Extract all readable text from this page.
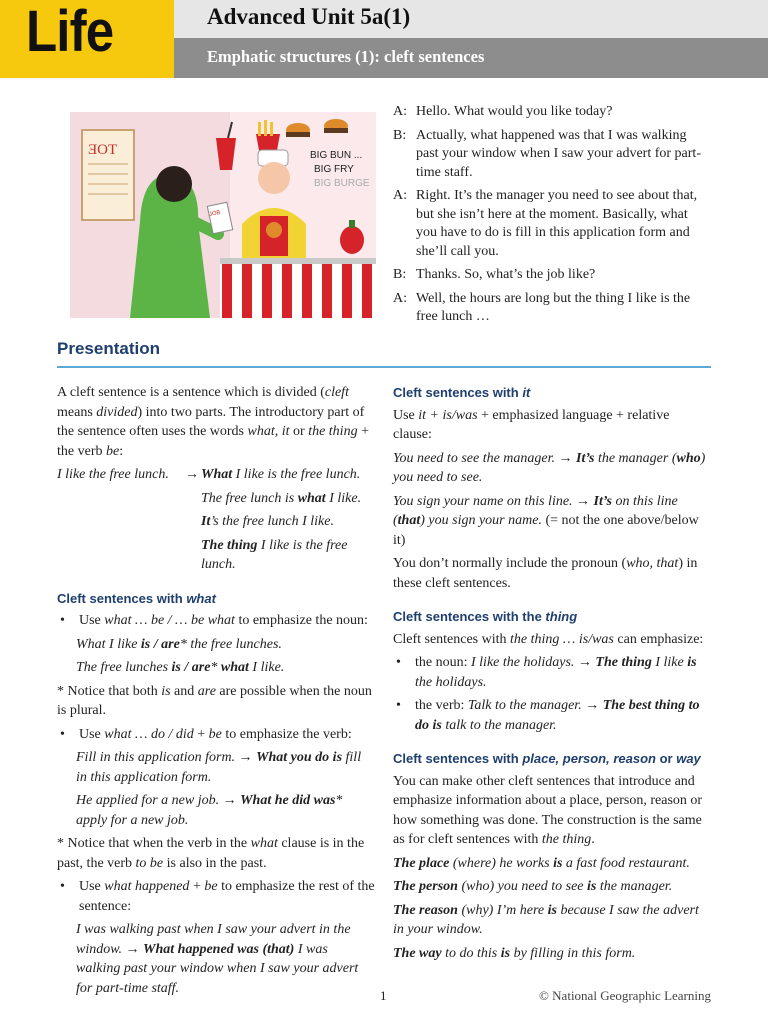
Life	Advanced Unit 5a(1)
Emphatic structures (1): cleft sentences
ƎOΤ	BIG BUN ...
BIG FRY
BIG BURGE
JOB
A: Hello. What would you like today?
B: Actually, what happened was that I was walking past your window when I saw your advert for part-time staff.
A: Right. It’s the manager you need to see about that, but she isn’t here at the moment. Basically, what you have to do is fill in this application form and she’ll call you.
B: Thanks. So, what’s the job like?
A: Well, the hours are long but the thing I like is the free lunch …
Presentation

A cleft sentence is a sentence which is divided (cleft means divided) into two parts. The introductory part of the sentence often uses the words what, it or the thing + the verb be:

I like the free lunch.	→ What I like is the free lunch.
The free lunch is what I like.
It’s the free lunch I like.
The thing I like is the free lunch.
Cleft sentences with what
•	Use what … be / … be what to emphasize the noun:

What I like is / are* the free lunches.

The free lunches is / are* what I like.

* Notice that both is and are are possible when the noun is plural.

•	Use what … do / did + be to emphasize the verb:

Fill in this application form. → What you do is fill in this application form.

He applied for a new job. → What he did was* apply for a new job.

* Notice that when the verb in the what clause is in the past, the verb to be is also in the past.

•	Use what happened + be to emphasize the rest of the sentence:

I was walking past when I saw your advert in the window. → What happened was (that) I was walking past your window when I saw your advert for part-time staff.

Cleft sentences with it

Use it + is/was + emphasized language + relative clause:

You need to see the manager. → It’s the manager (who) you need to see.

You sign your name on this line. → It’s on this line (that) you sign your name. (= not the one above/below it)

You don’t normally include the pronoun (who, that) in these cleft sentences.

Cleft sentences with the thing

Cleft sentences with the thing … is/was can emphasize:

•	the noun: I like the holidays. → The thing I like is the holidays.
•	the verb: Talk to the manager. → The best thing to do is talk to the manager.
Cleft sentences with place, person, reason or way

You can make other cleft sentences that introduce and emphasize information about a place, person, reason or how something was done. The construction is the same as for cleft sentences with the thing.

The place (where) he works is a fast food restaurant.

The person (who) you need to see is the manager.

The reason (why) I’m here is because I saw the advert in your window.

The way to do this is by filling in this form.

1	© National Geographic Learning
